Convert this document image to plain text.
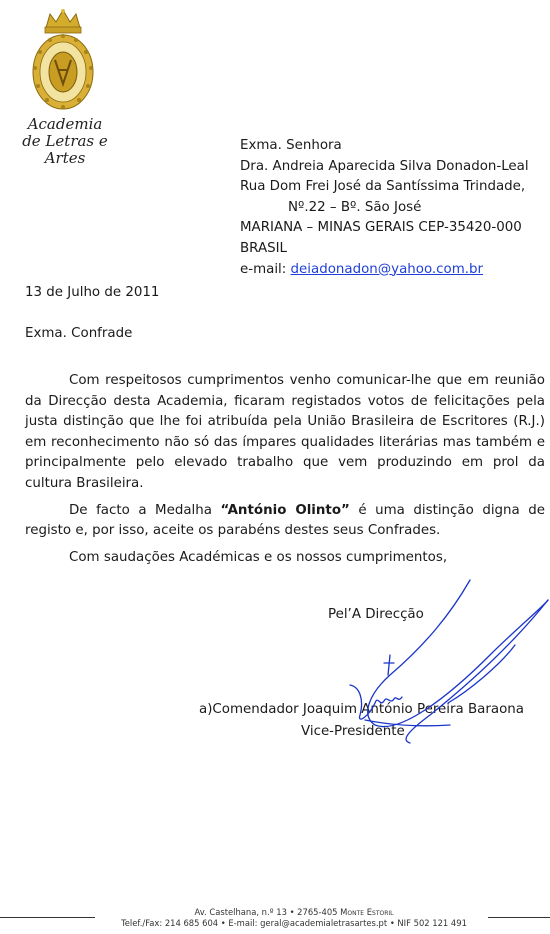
Academia
de Letras e Artes
Exma. Senhora
Dra. Andreia Aparecida Silva Donadon-Leal
Rua Dom Frei José da Santíssima Trindade,
Nº.22 – Bº. São José
MARIANA – MINAS GERAIS CEP-35420-000
BRASIL
e-mail: deiadonadon@yahoo.com.br
13 de Julho de 2011
Exma. Confrade

Com respeitosos cumprimentos venho comunicar-lhe que em reunião da Direcção desta Academia, ficaram registados votos de felicitações pela justa distinção que lhe foi atribuída pela União Brasileira de Escritores (R.J.) em reconhecimento não só das ímpares qualidades literárias mas também e principalmente pelo elevado trabalho que vem produzindo em prol da cultura Brasileira.

De facto a Medalha “António Olinto” é uma distinção digna de registo e, por isso, aceite os parabéns destes seus Confrades.

Com saudações Académicas e os nossos cumprimentos,

Pel’A Direcção
a)Comendador Joaquim António Pereira Baraona
Vice-Presidente
Av. Castelhana, n.º 13 • 2765-405 Monte Estoril
Telef./Fax: 214 685 604 • E-mail: geral@academialetrasartes.pt • NIF 502 121 491
